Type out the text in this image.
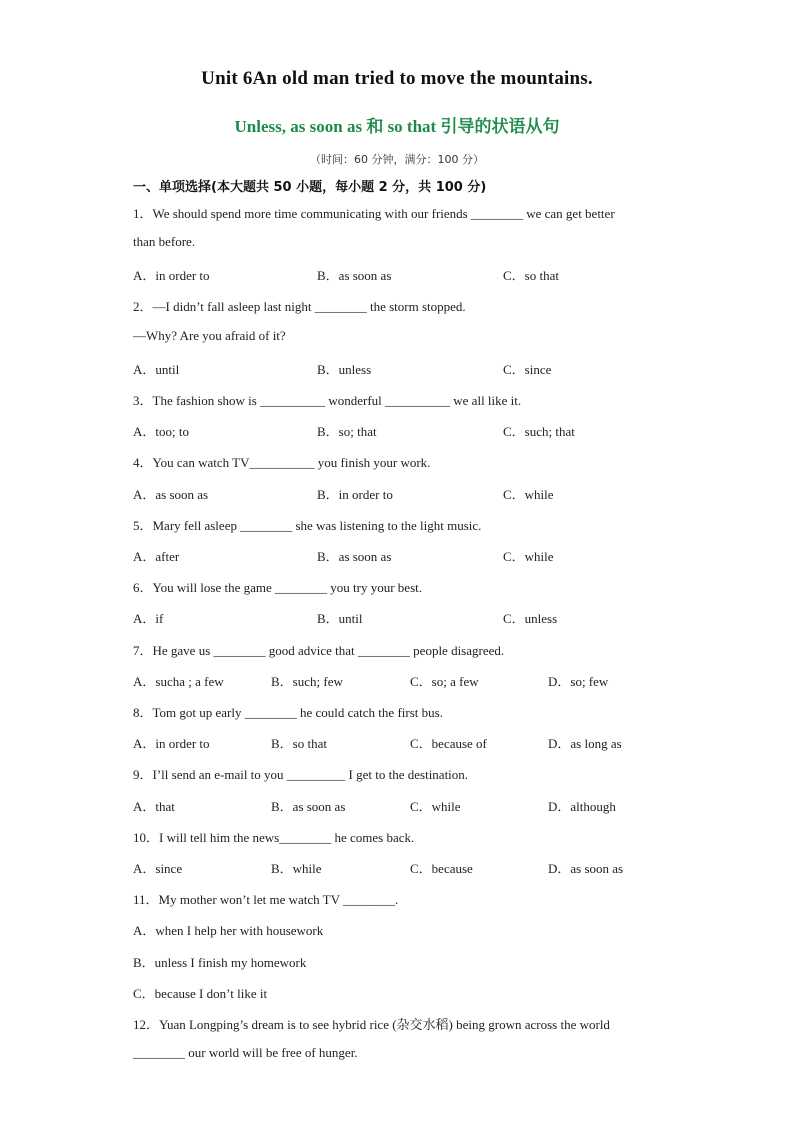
Unit 6An old man tried to move the mountains.
Unless, as soon as 和 so that 引导的状语从句
（时间：60 分钟，满分：100 分）
一、单项选择(本大题共 50 小题，每小题 2 分，共 100 分)
1．We should spend more time communicating with our friends ________ we can get better
than before.
A．in order to	B．as soon as	C．so that
2．—I didn’t fall asleep last night ________ the storm stopped.
—Why? Are you afraid of it?
A．until	B．unless	C．since
3．The fashion show is __________ wonderful __________ we all like it.
A．too; to	B．so; that	C．such; that
4．You can watch TV__________ you finish your work.
A．as soon as	B．in order to	C．while
5．Mary fell asleep ________ she was listening to the light music.
A．after	B．as soon as	C．while
6．You will lose the game ________ you try your best.
A．if	B．until	C．unless
7．He gave us ________ good advice that ________ people disagreed.
A．sucha ; a few	B．such; few	C．so; a few	D．so; few
8．Tom got up early ________ he could catch the first bus.
A．in order to	B．so that	C．because of	D．as long as
9．I’ll send an e-mail to you _________ I get to the destination.
A．that	B．as soon as	C．while	D．although
10．I will tell him the news________ he comes back.
A．since	B．while	C．because	D．as soon as
11．My mother won’t let me watch TV ________.
A．when I help her with housework
B．unless I finish my homework
C．because I don’t like it
12．Yuan Longping’s dream is to see hybrid rice (杂交水稻) being grown across the world
________ our world will be free of hunger.
